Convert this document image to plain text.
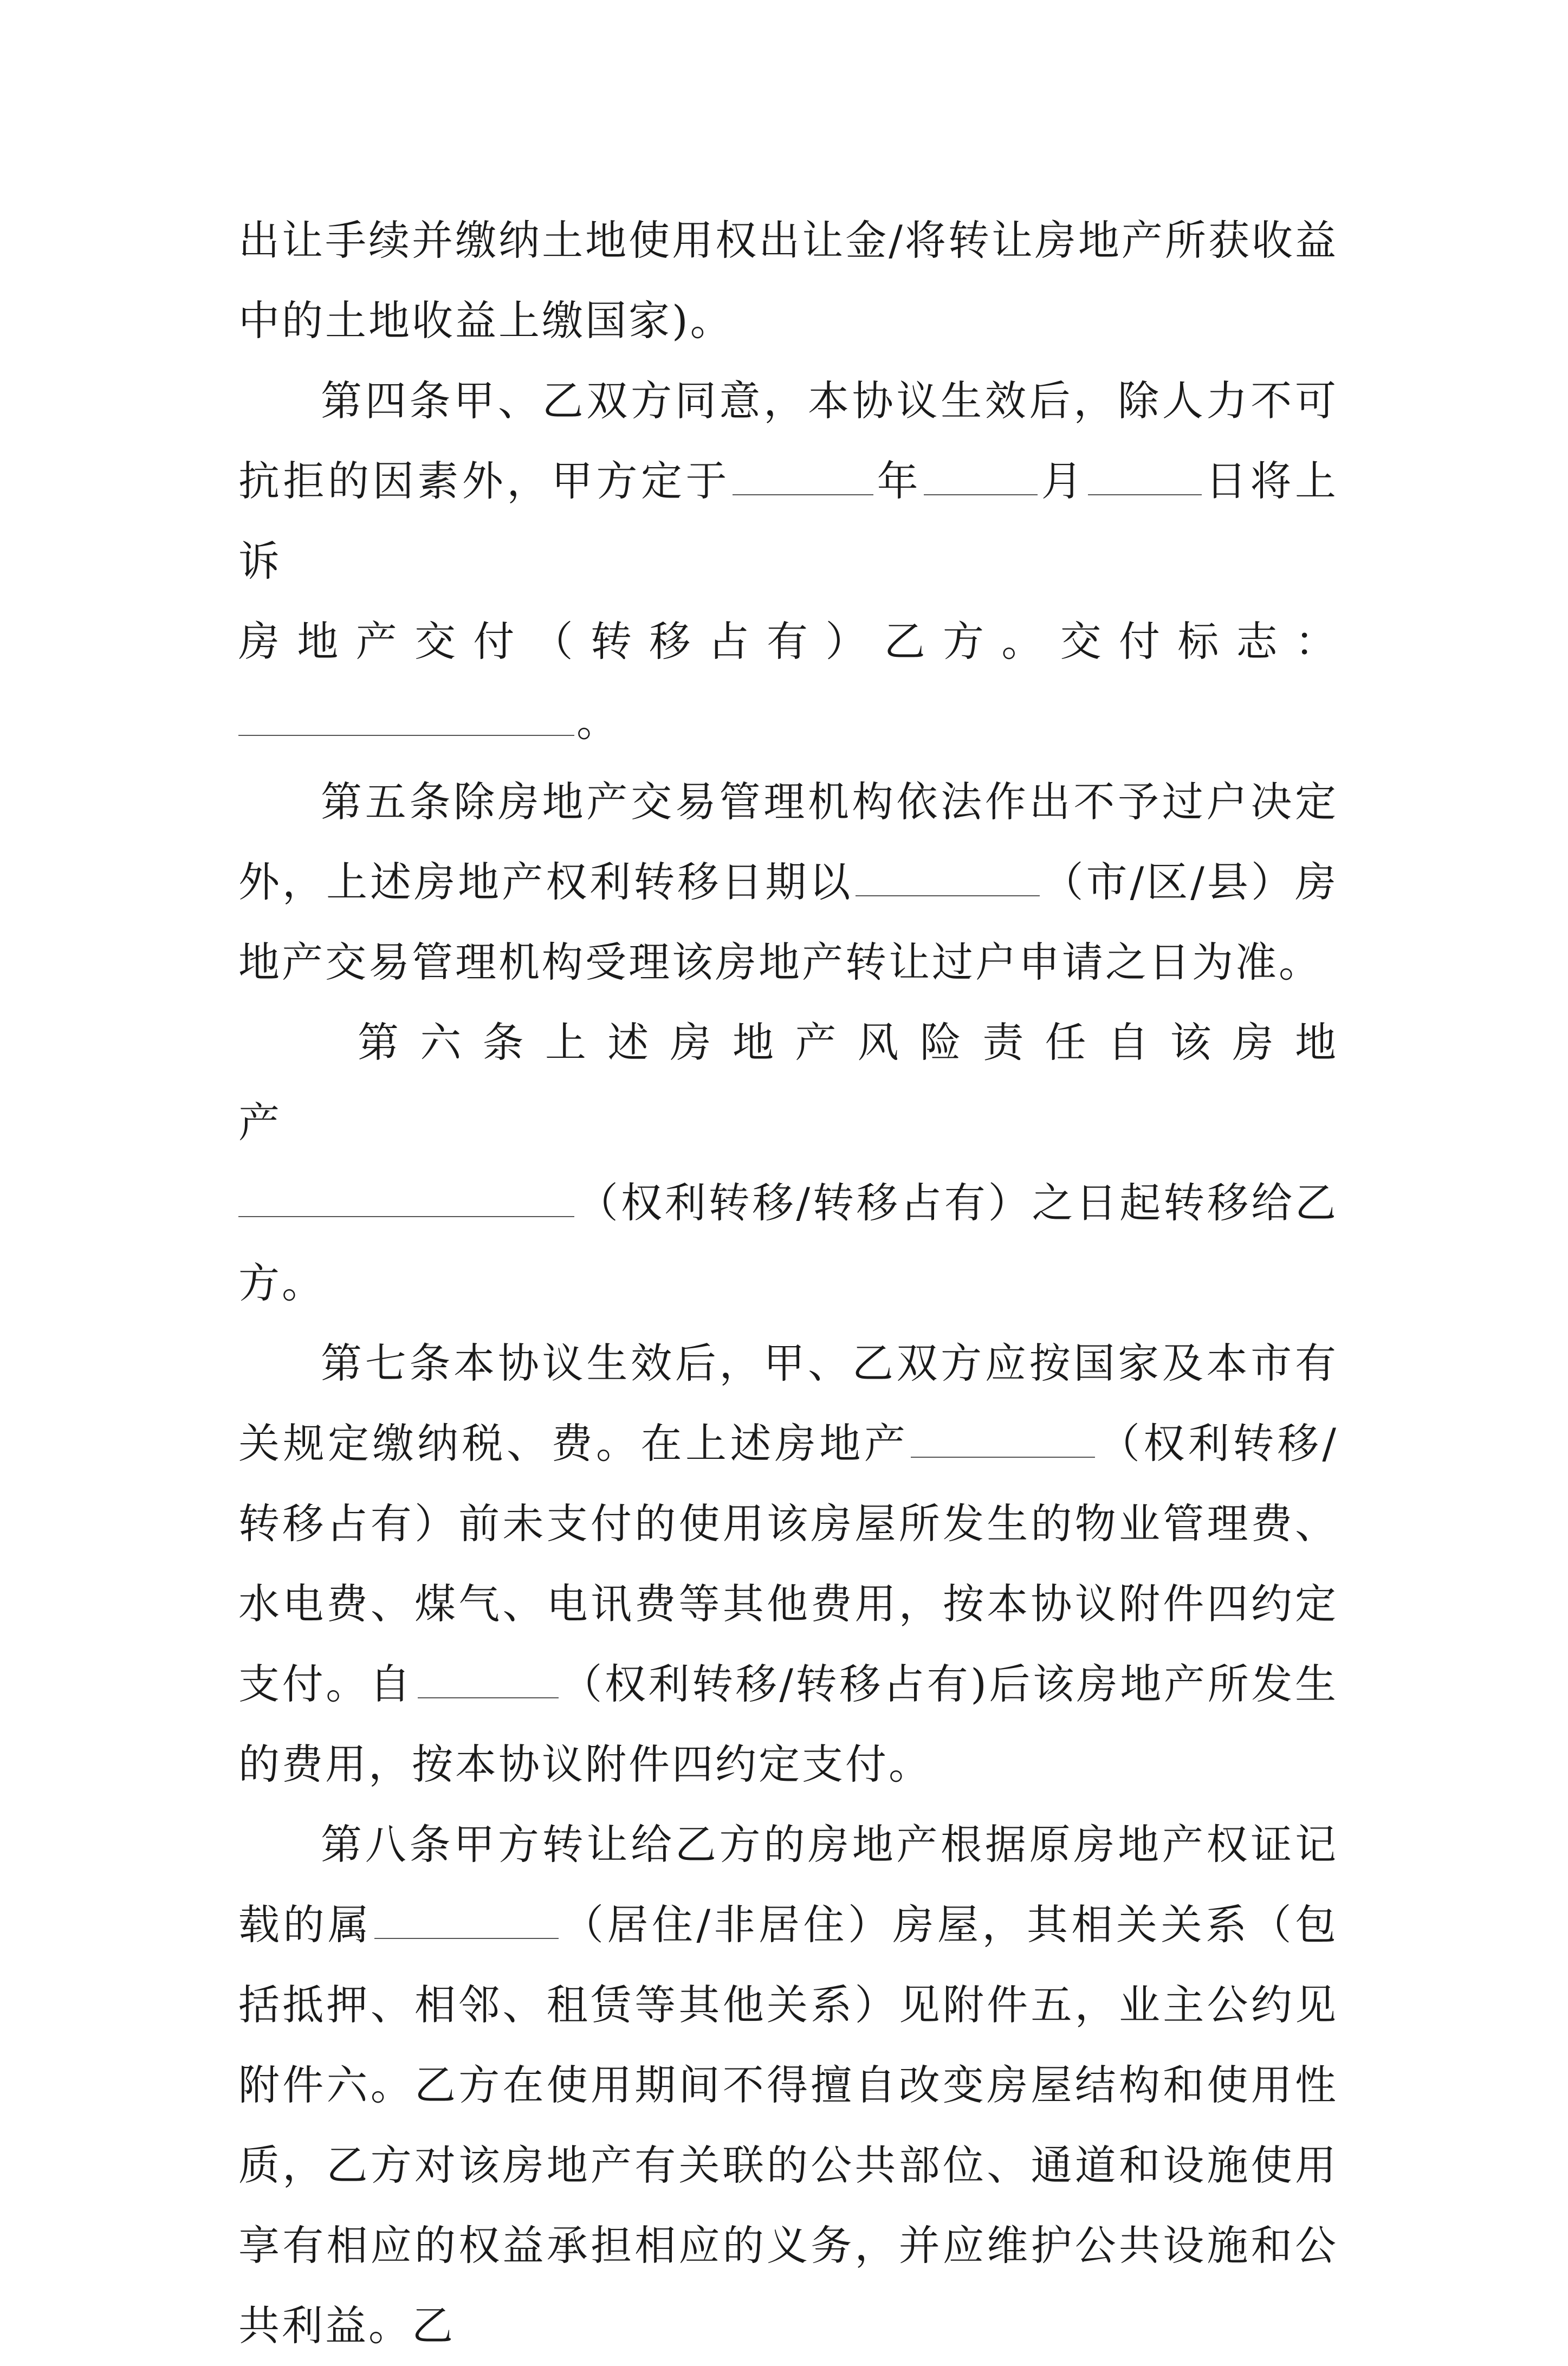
出让手续并缴纳土地使用权出让金/将转让房地产所获收益中的土地收益上缴国家)。

第四条甲、乙双方同意，本协议生效后，除人力不可抗拒的因素外，甲方定于	年	月	日将上诉

房 地 产 交 付 （ 转 移 占 有 ） 乙 方 。 交 付 标 志 ：

。

第五条除房地产交易管理机构依法作出不予过户决定外，上述房地产权利转移日期以	（市/区/县）房地产交易管理机构受理该房地产转让过户申请之日为准。

第 六 条 上 述 房 地 产 风 险 责 任 自 该 房 地 产

（权利转移/转移占有）之日起转移给乙方。

第七条本协议生效后，甲、乙双方应按国家及本市有关规定缴纳税、费。在上述房地产	（权利转移/转移占有）前未支付的使用该房屋所发生的物业管理费、水电费、煤气、电讯费等其他费用，按本协议附件四约定支付。自	（权利转移/转移占有)后该房地产所发生的费用，按本协议附件四约定支付。

第八条甲方转让给乙方的房地产根据原房地产权证记载的属	（居住/非居住）房屋，其相关关系（包括抵押、相邻、租赁等其他关系）见附件五，业主公约见附件六。乙方在使用期间不得擅自改变房屋结构和使用性质，乙方对该房地产有关联的公共部位、通道和设施使用享有相应的权益承担相应的义务，并应维护公共设施和公共利益。乙
